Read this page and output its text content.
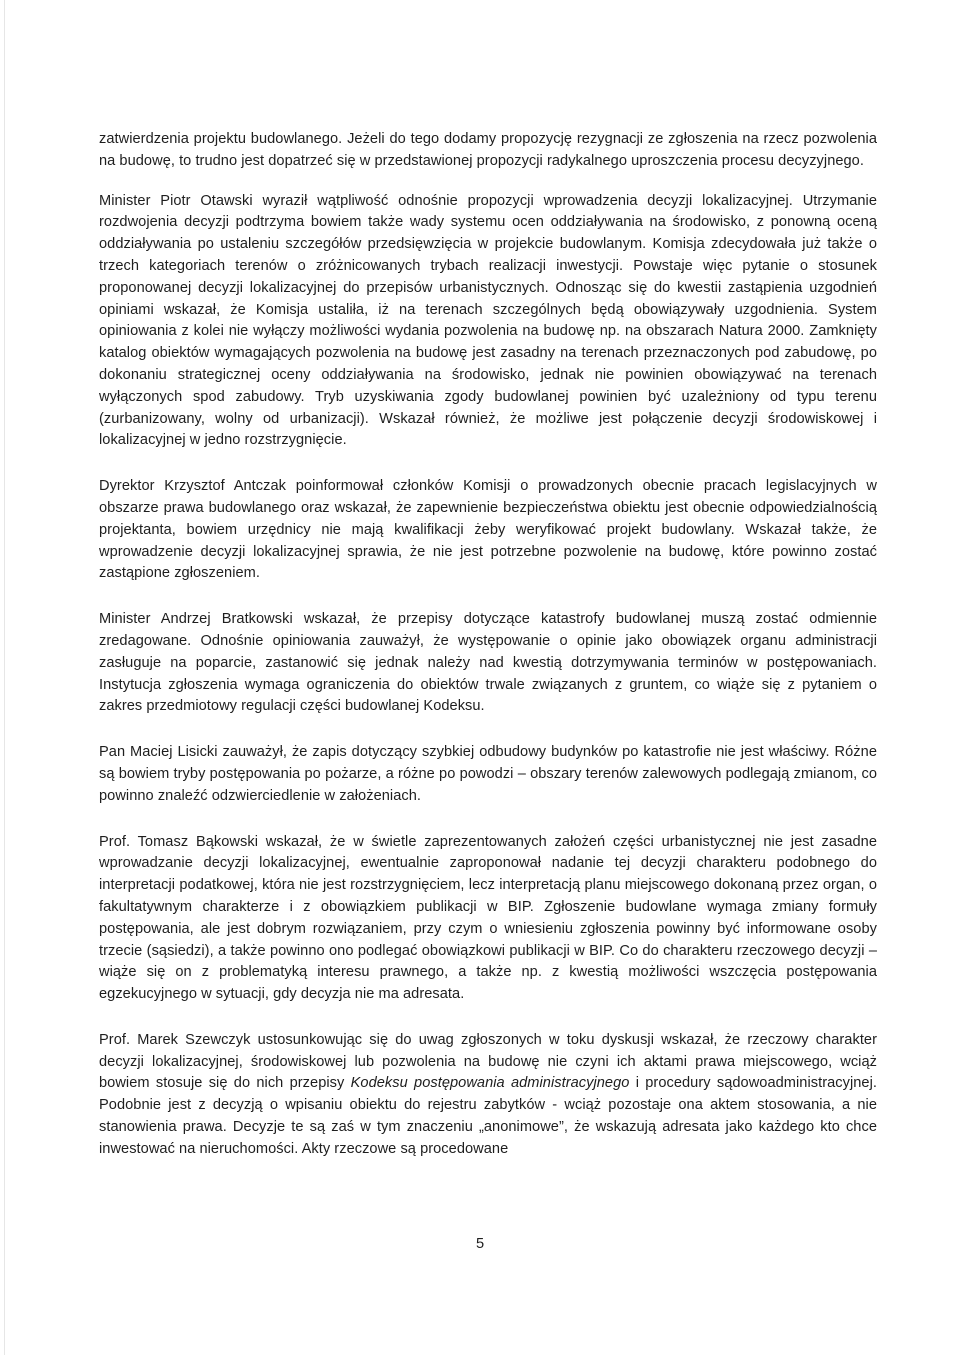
zatwierdzenia projektu budowlanego. Jeżeli do tego dodamy propozycję rezygnacji ze zgłoszenia na rzecz pozwolenia na budowę, to trudno jest dopatrzeć się w przedstawionej propozycji radykalnego uproszczenia procesu decyzyjnego.

Minister Piotr Otawski wyraził wątpliwość odnośnie propozycji wprowadzenia decyzji lokalizacyjnej. Utrzymanie rozdwojenia decyzji podtrzyma bowiem także wady systemu ocen oddziaływania na środowisko, z ponowną oceną oddziaływania po ustaleniu szczegółów przedsięwzięcia w projekcie budowlanym. Komisja zdecydowała już także o trzech kategoriach terenów o zróżnicowanych trybach realizacji inwestycji. Powstaje więc pytanie o stosunek proponowanej decyzji lokalizacyjnej do przepisów urbanistycznych. Odnosząc się do kwestii zastąpienia uzgodnień opiniami wskazał, że Komisja ustaliła, iż na terenach szczególnych będą obowiązywały uzgodnienia. System opiniowania z kolei nie wyłączy możliwości wydania pozwolenia na budowę np. na obszarach Natura 2000. Zamknięty katalog obiektów wymagających pozwolenia na budowę jest zasadny na terenach przeznaczonych pod zabudowę, po dokonaniu strategicznej oceny oddziaływania na środowisko, jednak nie powinien obowiązywać na terenach wyłączonych spod zabudowy. Tryb uzyskiwania zgody budowlanej powinien być uzależniony od typu terenu (zurbanizowany, wolny od urbanizacji). Wskazał również, że możliwe jest połączenie decyzji środowiskowej i lokalizacyjnej w jedno rozstrzygnięcie.

Dyrektor Krzysztof Antczak poinformował członków Komisji o prowadzonych obecnie pracach legislacyjnych w obszarze prawa budowlanego oraz wskazał, że zapewnienie bezpieczeństwa obiektu jest obecnie odpowiedzialnością projektanta, bowiem urzędnicy nie mają kwalifikacji żeby weryfikować projekt budowlany. Wskazał także, że wprowadzenie decyzji lokalizacyjnej sprawia, że nie jest potrzebne pozwolenie na budowę, które powinno zostać zastąpione zgłoszeniem.

Minister Andrzej Bratkowski wskazał, że przepisy dotyczące katastrofy budowlanej muszą zostać odmiennie zredagowane. Odnośnie opiniowania zauważył, że występowanie o opinie jako obowiązek organu administracji zasługuje na poparcie, zastanowić się jednak należy nad kwestią dotrzymywania terminów w postępowaniach. Instytucja zgłoszenia wymaga ograniczenia do obiektów trwale związanych z gruntem, co wiąże się z pytaniem o zakres przedmiotowy regulacji części budowlanej Kodeksu.

Pan Maciej Lisicki zauważył, że zapis dotyczący szybkiej odbudowy budynków po katastrofie nie jest właściwy. Różne są bowiem tryby postępowania po pożarze, a różne po powodzi – obszary terenów zalewowych podlegają zmianom, co powinno znaleźć odzwierciedlenie w założeniach.

Prof. Tomasz Bąkowski wskazał, że w świetle zaprezentowanych założeń części urbanistycznej nie jest zasadne wprowadzanie decyzji lokalizacyjnej, ewentualnie zaproponował nadanie tej decyzji charakteru podobnego do interpretacji podatkowej, która nie jest rozstrzygnięciem, lecz interpretacją planu miejscowego dokonaną przez organ, o fakultatywnym charakterze i z obowiązkiem publikacji w BIP. Zgłoszenie budowlane wymaga zmiany formuły postępowania, ale jest dobrym rozwiązaniem, przy czym o wniesieniu zgłoszenia powinny być informowane osoby trzecie (sąsiedzi), a także powinno ono podlegać obowiązkowi publikacji w BIP. Co do charakteru rzeczowego decyzji – wiąże się on z problematyką interesu prawnego, a także np. z kwestią możliwości wszczęcia postępowania egzekucyjnego w sytuacji, gdy decyzja nie ma adresata.

Prof. Marek Szewczyk ustosunkowując się do uwag zgłoszonych w toku dyskusji wskazał, że rzeczowy charakter decyzji lokalizacyjnej, środowiskowej lub pozwolenia na budowę nie czyni ich aktami prawa miejscowego, wciąż bowiem stosuje się do nich przepisy Kodeksu postępowania administracyjnego i procedury sądowoadministracyjnej. Podobnie jest z decyzją o wpisaniu obiektu do rejestru zabytków - wciąż pozostaje ona aktem stosowania, a nie stanowienia prawa. Decyzje te są zaś w tym znaczeniu „anonimowe”, że wskazują adresata jako każdego kto chce inwestować na nieruchomości. Akty rzeczowe są procedowane

5
